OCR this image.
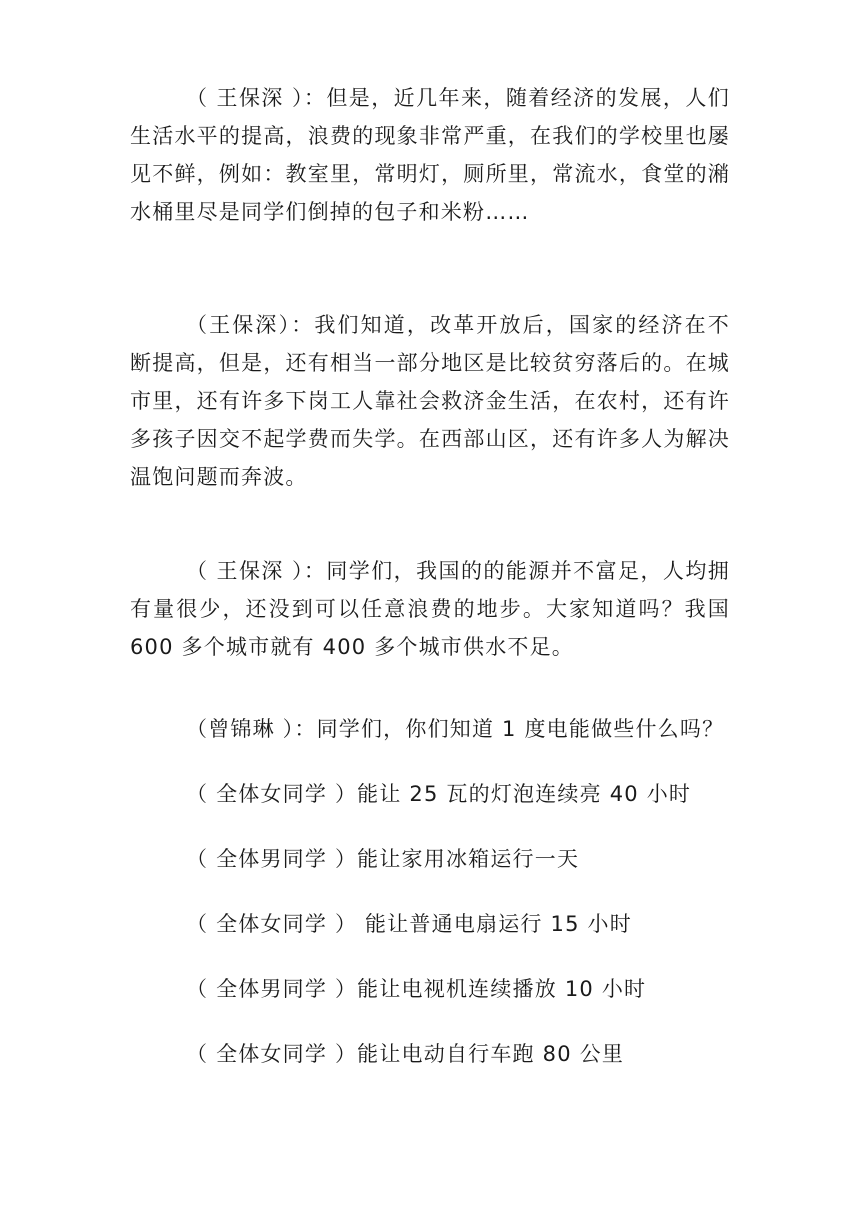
（ 王保深 ）：但是，近几年来，随着经济的发展，人们生活水平的提高，浪费的现象非常严重，在我们的学校里也屡见不鲜，例如：教室里，常明灯，厕所里，常流水，食堂的潲水桶里尽是同学们倒掉的包子和米粉……

（王保深）：我们知道，改革开放后，国家的经济在不断提高，但是，还有相当一部分地区是比较贫穷落后的。在城市里，还有许多下岗工人靠社会救济金生活，在农村，还有许多孩子因交不起学费而失学。在西部山区，还有许多人为解决温饱问题而奔波。

（ 王保深 ）：同学们，我国的的能源并不富足，人均拥有量很少，还没到可以任意浪费的地步。大家知道吗？我国 600 多个城市就有 400 多个城市供水不足。

（曾锦琳 ）：同学们，你们知道 1 度电能做些什么吗？

（ 全体女同学 ）能让 25 瓦的灯泡连续亮 40 小时

（ 全体男同学 ）能让家用冰箱运行一天

（ 全体女同学 ） 能让普通电扇运行 15 小时

（ 全体男同学 ）能让电视机连续播放 10 小时

（ 全体女同学 ）能让电动自行车跑 80 公里
